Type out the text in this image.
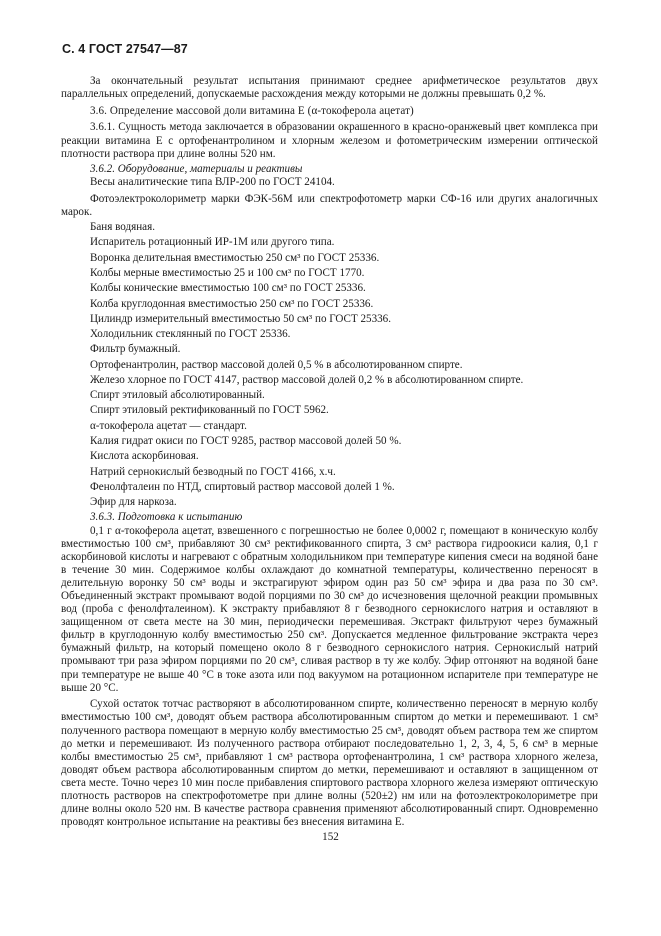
С. 4 ГОСТ 27547—87

За окончательный результат испытания принимают среднее арифметическое результатов двух параллельных определений, допускаемые расхождения между которыми не должны превышать 0,2 %.

3.6. Определение массовой доли витамина Е (α-токоферола ацетат)

3.6.1. Сущность метода заключается в образовании окрашенного в красно-оранжевый цвет комплекса при реакции витамина Е с ортофенантролином и хлорным железом и фотометрическим измерении оптической плотности раствора при длине волны 520 нм.

3.6.2. Оборудование, материалы и реактивы

Весы аналитические типа ВЛР-200 по ГОСТ 24104.

Фотоэлектроколориметр марки ФЭК-56М или спектрофотометр марки СФ-16 или других аналогичных марок.

Баня водяная.

Испаритель ротационный ИР-1М или другого типа.

Воронка делительная вместимостью 250 см³ по ГОСТ 25336.

Колбы мерные вместимостью 25 и 100 см³ по ГОСТ 1770.

Колбы конические вместимостью 100 см³ по ГОСТ 25336.

Колба круглодонная вместимостью 250 см³ по ГОСТ 25336.

Цилиндр измерительный вместимостью 50 см³ по ГОСТ 25336.

Холодильник стеклянный по ГОСТ 25336.

Фильтр бумажный.

Ортофенантролин, раствор массовой долей 0,5 % в абсолютированном спирте.

Железо хлорное по ГОСТ 4147, раствор массовой долей 0,2 % в абсолютированном спирте.

Спирт этиловый абсолютированный.

Спирт этиловый ректификованный по ГОСТ 5962.

α-токоферола ацетат — стандарт.

Калия гидрат окиси по ГОСТ 9285, раствор массовой долей 50 %.

Кислота аскорбиновая.

Натрий сернокислый безводный по ГОСТ 4166, х.ч.

Фенолфталеин по НТД, спиртовый раствор массовой долей 1 %.

Эфир для наркоза.

3.6.3. Подготовка к испытанию

0,1 г α-токоферола ацетат, взвешенного с погрешностью не более 0,0002 г, помещают в коническую колбу вместимостью 100 см³, прибавляют 30 см³ ректификованного спирта, 3 см³ раствора гидроокиси калия, 0,1 г аскорбиновой кислоты и нагревают с обратным холодильником при температуре кипения смеси на водяной бане в течение 30 мин. Содержимое колбы охлаждают до комнатной температуры, количественно переносят в делительную воронку 50 см³ воды и экстрагируют эфиром один раз 50 см³ эфира и два раза по 30 см³. Объединенный экстракт промывают водой порциями по 30 см³ до исчезновения щелочной реакции промывных вод (проба с фенолфталеином). К экстракту прибавляют 8 г безводного сернокислого натрия и оставляют в защищенном от света месте на 30 мин, периодически перемешивая. Экстракт фильтруют через бумажный фильтр в круглодонную колбу вместимостью 250 см³. Допускается медленное фильтрование экстракта через бумажный фильтр, на который помещено около 8 г безводного сернокислого натрия. Сернокислый натрий промывают три раза эфиром порциями по 20 см³, сливая раствор в ту же колбу. Эфир отгоняют на водяной бане при температуре не выше 40 °С в токе азота или под вакуумом на ротационном испарителе при температуре не выше 20 °С.

Сухой остаток тотчас растворяют в абсолютированном спирте, количественно переносят в мерную колбу вместимостью 100 см³, доводят объем раствора абсолютированным спиртом до метки и перемешивают. 1 см³ полученного раствора помещают в мерную колбу вместимостью 25 см³, доводят объем раствора тем же спиртом до метки и перемешивают. Из полученного раствора отбирают последовательно 1, 2, 3, 4, 5, 6 см³ в мерные колбы вместимостью 25 см³, прибавляют 1 см³ раствора ортофенантролина, 1 см³ раствора хлорного железа, доводят объем раствора абсолютированным спиртом до метки, перемешивают и оставляют в защищенном от света месте. Точно через 10 мин после прибавления спиртового раствора хлорного железа измеряют оптическую плотность растворов на спектрофотометре при длине волны (520±2) нм или на фотоэлектроколориметре при длине волны около 520 нм. В качестве раствора сравнения применяют абсолютированный спирт. Одновременно проводят контрольное испытание на реактивы без внесения витамина Е.

152
